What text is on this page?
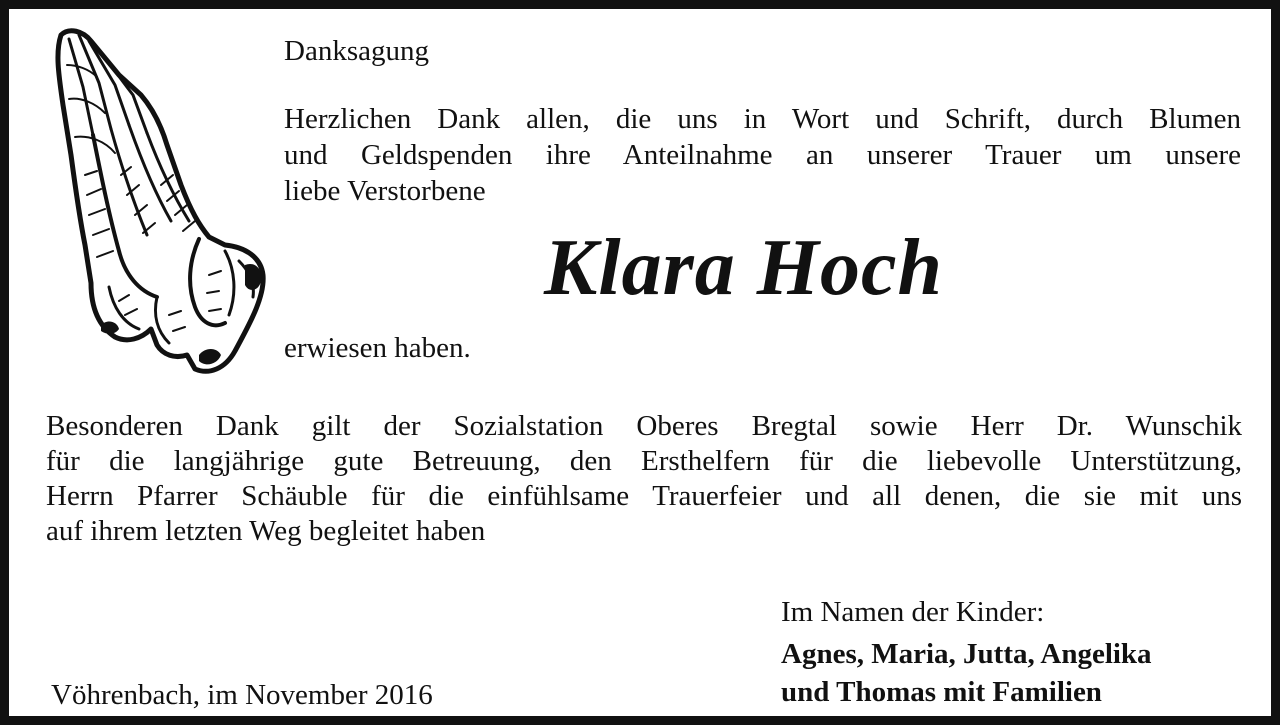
Danksagung

Herzlichen Dank allen, die uns in Wort und Schrift, durch Blumen
und Geldspenden ihre Anteilnahme an unserer Trauer um unsere
liebe Verstorbene

Klara Hoch

erwiesen haben.

Besonderen Dank gilt der Sozialstation Oberes Bregtal sowie Herr Dr. Wunschik
für die langjährige gute Betreuung, den Ersthelfern für die liebevolle Unterstützung,
Herrn Pfarrer Schäuble für die einfühlsame Trauerfeier und all denen, die sie mit uns
auf ihrem letzten Weg begleitet haben

Vöhrenbach, im November 2016

Im Namen der Kinder:

Agnes, Maria, Jutta, Angelika
und Thomas mit Familien
